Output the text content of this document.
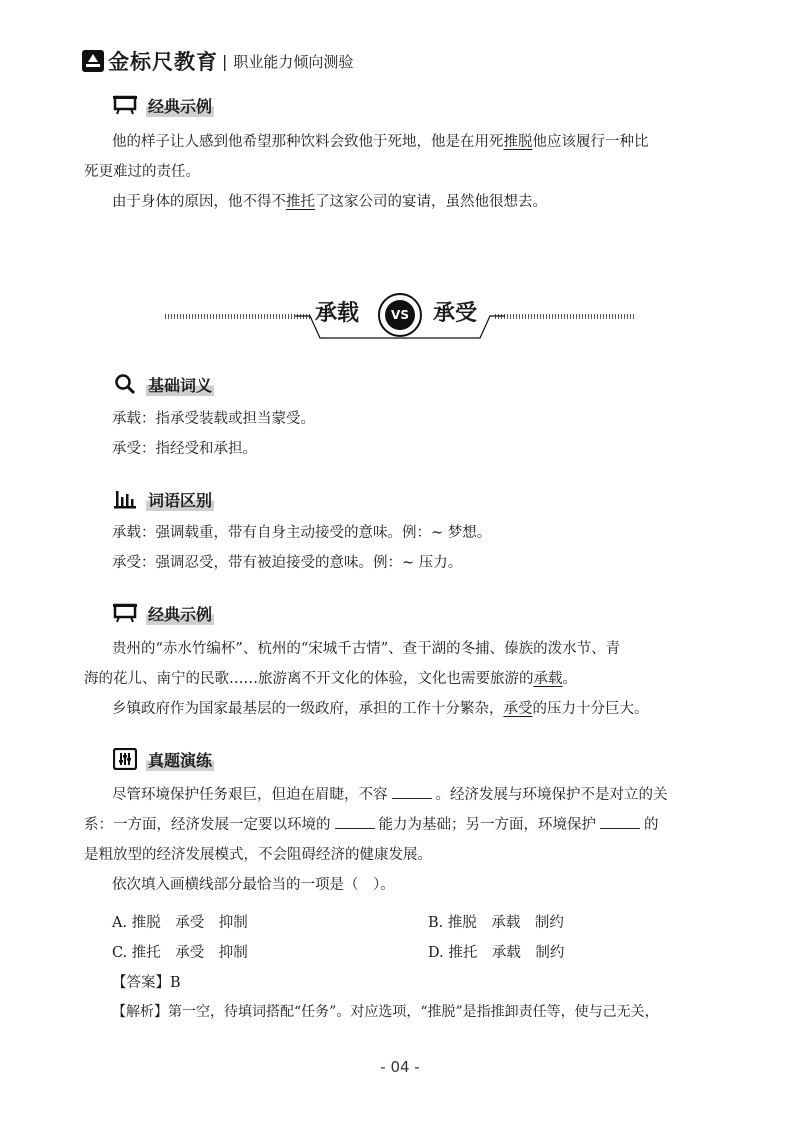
金标尺教育 | 职业能力倾向测验
经典示例

他的样子让人感到他希望那种饮料会致他于死地，他是在用死推脱他应该履行一种比

死更难过的责任。

由于身体的原因，他不得不推托了这家公司的宴请，虽然他很想去。

承载	VS 承受
基础词义

承载：指承受装载或担当蒙受。

承受：指经受和承担。

词语区别

承载：强调载重，带有自身主动接受的意味。例：~ 梦想。

承受：强调忍受，带有被迫接受的意味。例：~ 压力。

经典示例

贵州的“赤水竹编杯”、杭州的“宋城千古情”、查干湖的冬捕、傣族的泼水节、青

海的花儿、南宁的民歌……旅游离不开文化的体验，文化也需要旅游的承载。

乡镇政府作为国家最基层的一级政府，承担的工作十分繁杂，承受的压力十分巨大。

真题演练

尽管环境保护任务艰巨，但迫在眉睫，不容	。经济发展与环境保护不是对立的关

系：一方面，经济发展一定要以环境的	能力为基础；另一方面，环境保护	的

是粗放型的经济发展模式，不会阻碍经济的健康发展。

依次填入画横线部分最恰当的一项是（　）。

A. 推脱　承受　抑制	B. 推脱　承载　制约
C. 推托　承受　抑制	D. 推托　承载　制约
【答案】B
【解析】第一空，待填词搭配“任务”。对应选项，“推脱”是指推卸责任等，使与己无关，
- 04 -
